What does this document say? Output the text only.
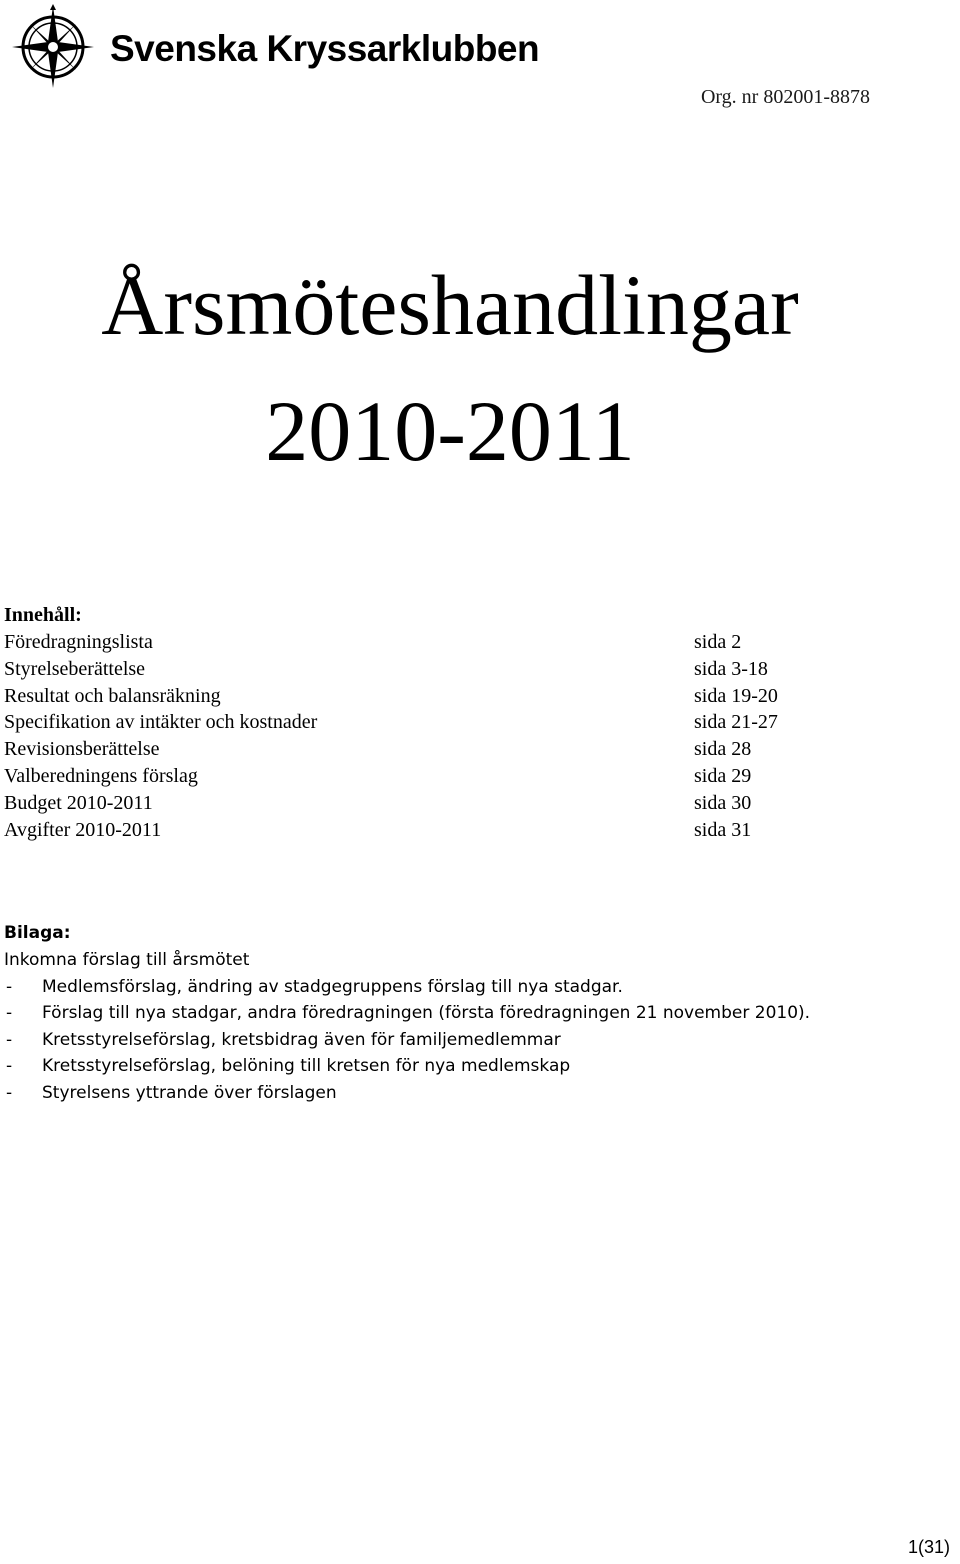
Svenska Kryssarklubben
Org. nr 802001-8878
Årsmöteshandlingar
2010-2011
Innehåll:
Föredragningslista	sida 2
Styrelseberättelse	sida 3-18
Resultat och balansräkning	sida 19-20
Specifikation av intäkter och kostnader	sida 21-27
Revisionsberättelse	sida 28
Valberedningens förslag	sida 29
Budget 2010-2011	sida 30
Avgifter 2010-2011	sida 31
Bilaga:
Inkomna förslag till årsmötet
- Medlemsförslag, ändring av stadgegruppens förslag till nya stadgar.
- Förslag till nya stadgar, andra föredragningen (första föredragningen 21 november 2010).
- Kretsstyrelseförslag, kretsbidrag även för familjemedlemmar
- Kretsstyrelseförslag, belöning till kretsen för nya medlemskap
- Styrelsens yttrande över förslagen
1(31)
